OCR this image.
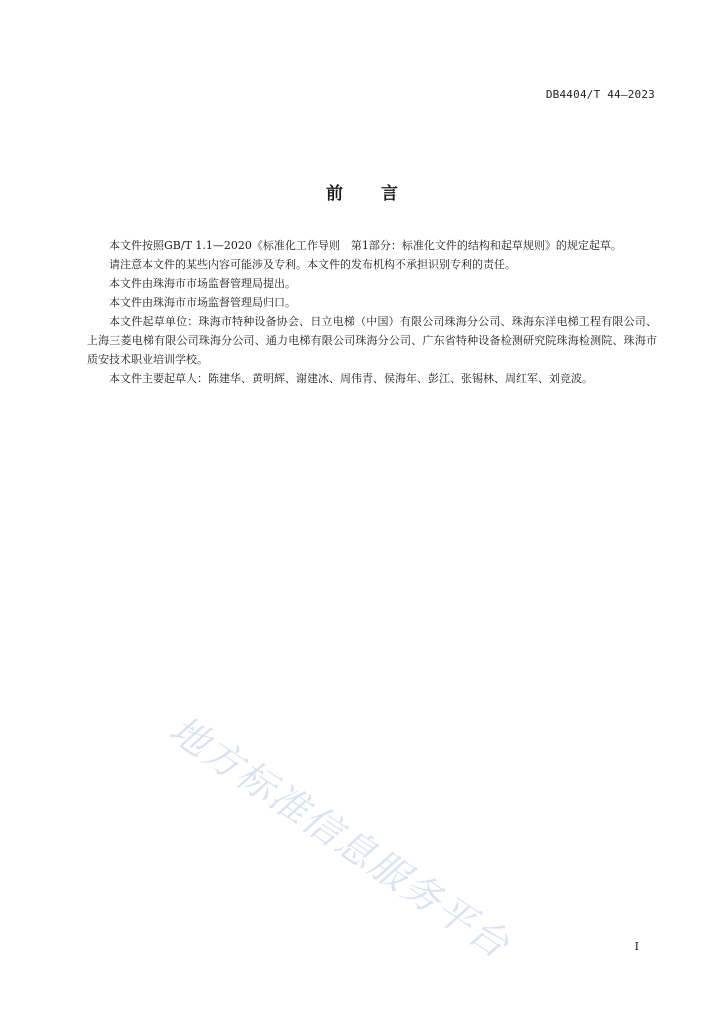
DB4404/T 44—2023
前 言

本文件按照GB/T 1.1—2020《标准化工作导则　第1部分：标准化文件的结构和起草规则》的规定起草。

请注意本文件的某些内容可能涉及专利。本文件的发布机构不承担识别专利的责任。

本文件由珠海市市场监督管理局提出。

本文件由珠海市市场监督管理局归口。

本文件起草单位：珠海市特种设备协会、日立电梯（中国）有限公司珠海分公司、珠海东洋电梯工程有限公司、上海三菱电梯有限公司珠海分公司、通力电梯有限公司珠海分公司、广东省特种设备检测研究院珠海检测院、珠海市质安技术职业培训学校。

本文件主要起草人：陈建华、黄明辉、谢建冰、周伟青、侯海年、彭江、张锡林、周红军、刘竞波。

地方标准信息服务平台	I
